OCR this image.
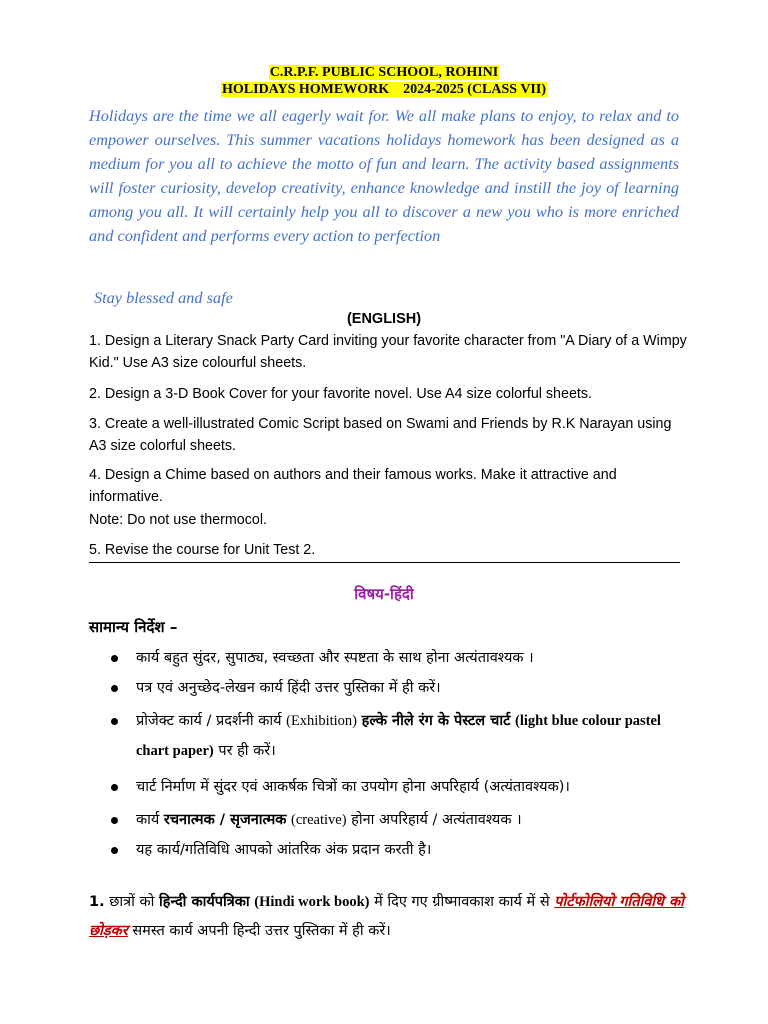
C.R.P.F. PUBLIC SCHOOL, ROHINI
HOLIDAYS HOMEWORK    2024-2025 (CLASS VII)

Holidays are the time we all eagerly wait for. We all make plans to enjoy, to relax and to empower ourselves. This summer vacations holidays homework has been designed as a medium for you all to achieve the motto of fun and learn. The activity based assignments will foster curiosity, develop creativity, enhance knowledge and instill the joy of learning among you all. It will certainly help you all to discover a new you who is more enriched and confident and performs every action to perfection

Stay blessed and safe

(ENGLISH)

1. Design a Literary Snack Party Card inviting your favorite character from "A Diary of a Wimpy Kid." Use A3 size colourful sheets.

2. Design a 3-D Book Cover for your favorite novel. Use A4 size colorful sheets.

3. Create a well-illustrated Comic Script based on Swami and Friends by R.K Narayan using A3 size colorful sheets.

4. Design a Chime based on authors and their famous works. Make it attractive and informative.

Note: Do not use thermocol.

5. Revise the course for Unit Test 2.

विषय-हिंदी
सामान्य निर्देश –
कार्य बहुत सुंदर, सुपाठ्य, स्वच्छता और स्पष्टता के साथ होना अत्यंतावश्यक ।
पत्र एवं अनुच्छेद-लेखन कार्य हिंदी उत्तर पुस्तिका में ही करें।
प्रोजेक्ट कार्य / प्रदर्शनी कार्य (Exhibition) हल्के नीले रंग के पेस्टल चार्ट (light blue colour pastel chart paper) पर ही करें।
चार्ट निर्माण में सुंदर एवं आकर्षक चित्रों का उपयोग होना अपरिहार्य (अत्यंतावश्यक)।
कार्य रचनात्मक / सृजनात्मक (creative) होना अपरिहार्य / अत्यंतावश्यक ।
यह कार्य/गतिविधि आपको आंतरिक अंक प्रदान करती है।

1. छात्रों को हिन्दी कार्यपत्रिका (Hindi work book) में दिए गए ग्रीष्मावकाश कार्य में से पोर्टफोलियो गतिविधि को छोड़कर समस्त कार्य अपनी हिन्दी उत्तर पुस्तिका में ही करें।
